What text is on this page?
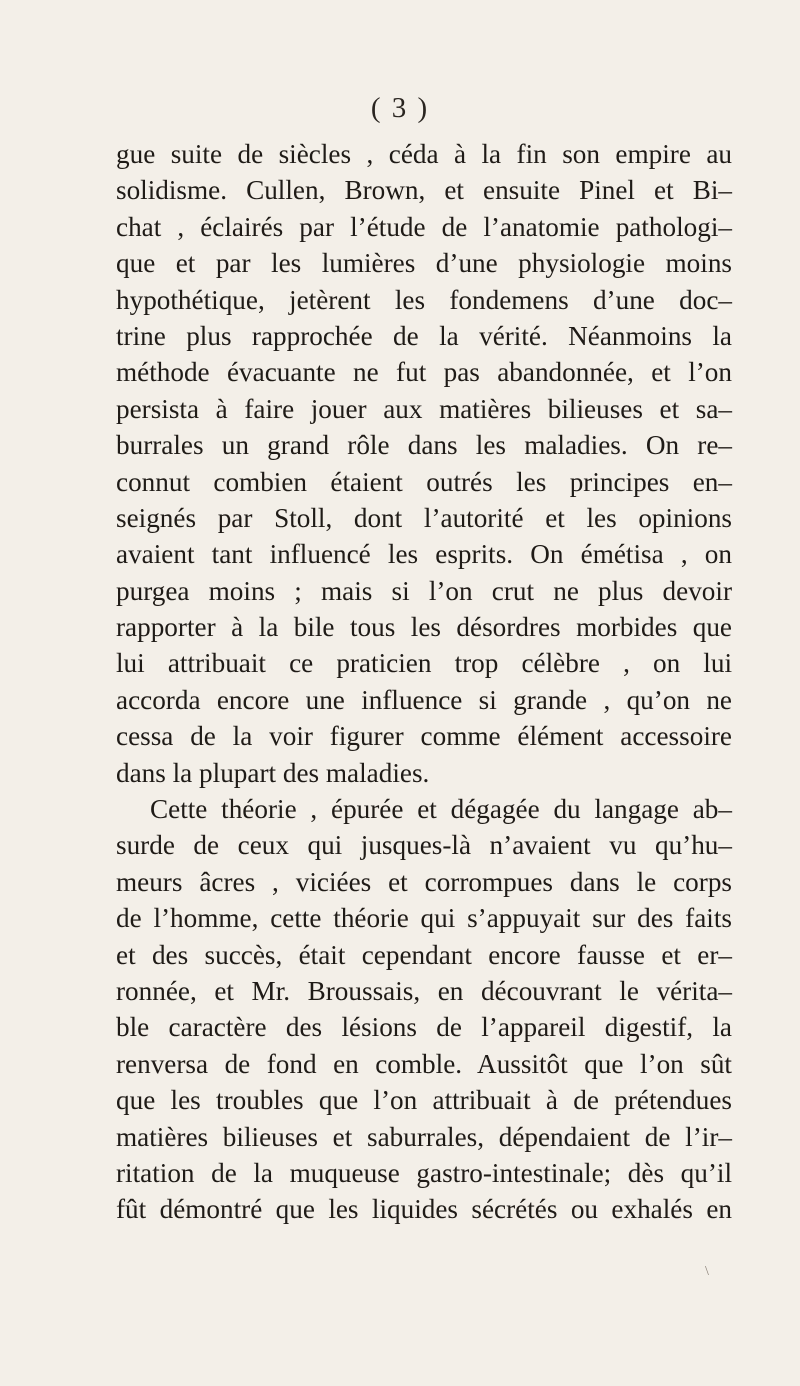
( 3 )
gue suite de siècles , céda à la fin son empire au
solidisme. Cullen, Brown, et ensuite Pinel et Bi–
chat , éclairés par l’étude de l’anatomie pathologi–
que et par les lumières d’une physiologie moins
hypothétique, jetèrent les fondemens d’une doc–
trine plus rapprochée de la vérité. Néanmoins la
méthode évacuante ne fut pas abandonnée, et l’on
persista à faire jouer aux matières bilieuses et sa–
burrales un grand rôle dans les maladies. On re–
connut combien étaient outrés les principes en–
seignés par Stoll, dont l’autorité et les opinions
avaient tant influencé les esprits. On émétisa , on
purgea moins ; mais si l’on crut ne plus devoir
rapporter à la bile tous les désordres morbides que
lui attribuait ce praticien trop célèbre , on lui
accorda encore une influence si grande , qu’on ne
cessa de la voir figurer comme élément accessoire
dans la plupart des maladies.
Cette théorie , épurée et dégagée du langage ab–
surde de ceux qui jusques-là n’avaient vu qu’hu–
meurs âcres , viciées et corrompues dans le corps
de l’homme, cette théorie qui s’appuyait sur des faits
et des succès, était cependant encore fausse et er–
ronnée, et Mr. Broussais, en découvrant le vérita–
ble caractère des lésions de l’appareil digestif, la
renversa de fond en comble. Aussitôt que l’on sût
que les troubles que l’on attribuait à de prétendues
matières bilieuses et saburrales, dépendaient de l’ir–
ritation de la muqueuse gastro-intestinale; dès qu’il
fût démontré que les liquides sécrétés ou exhalés en
\
